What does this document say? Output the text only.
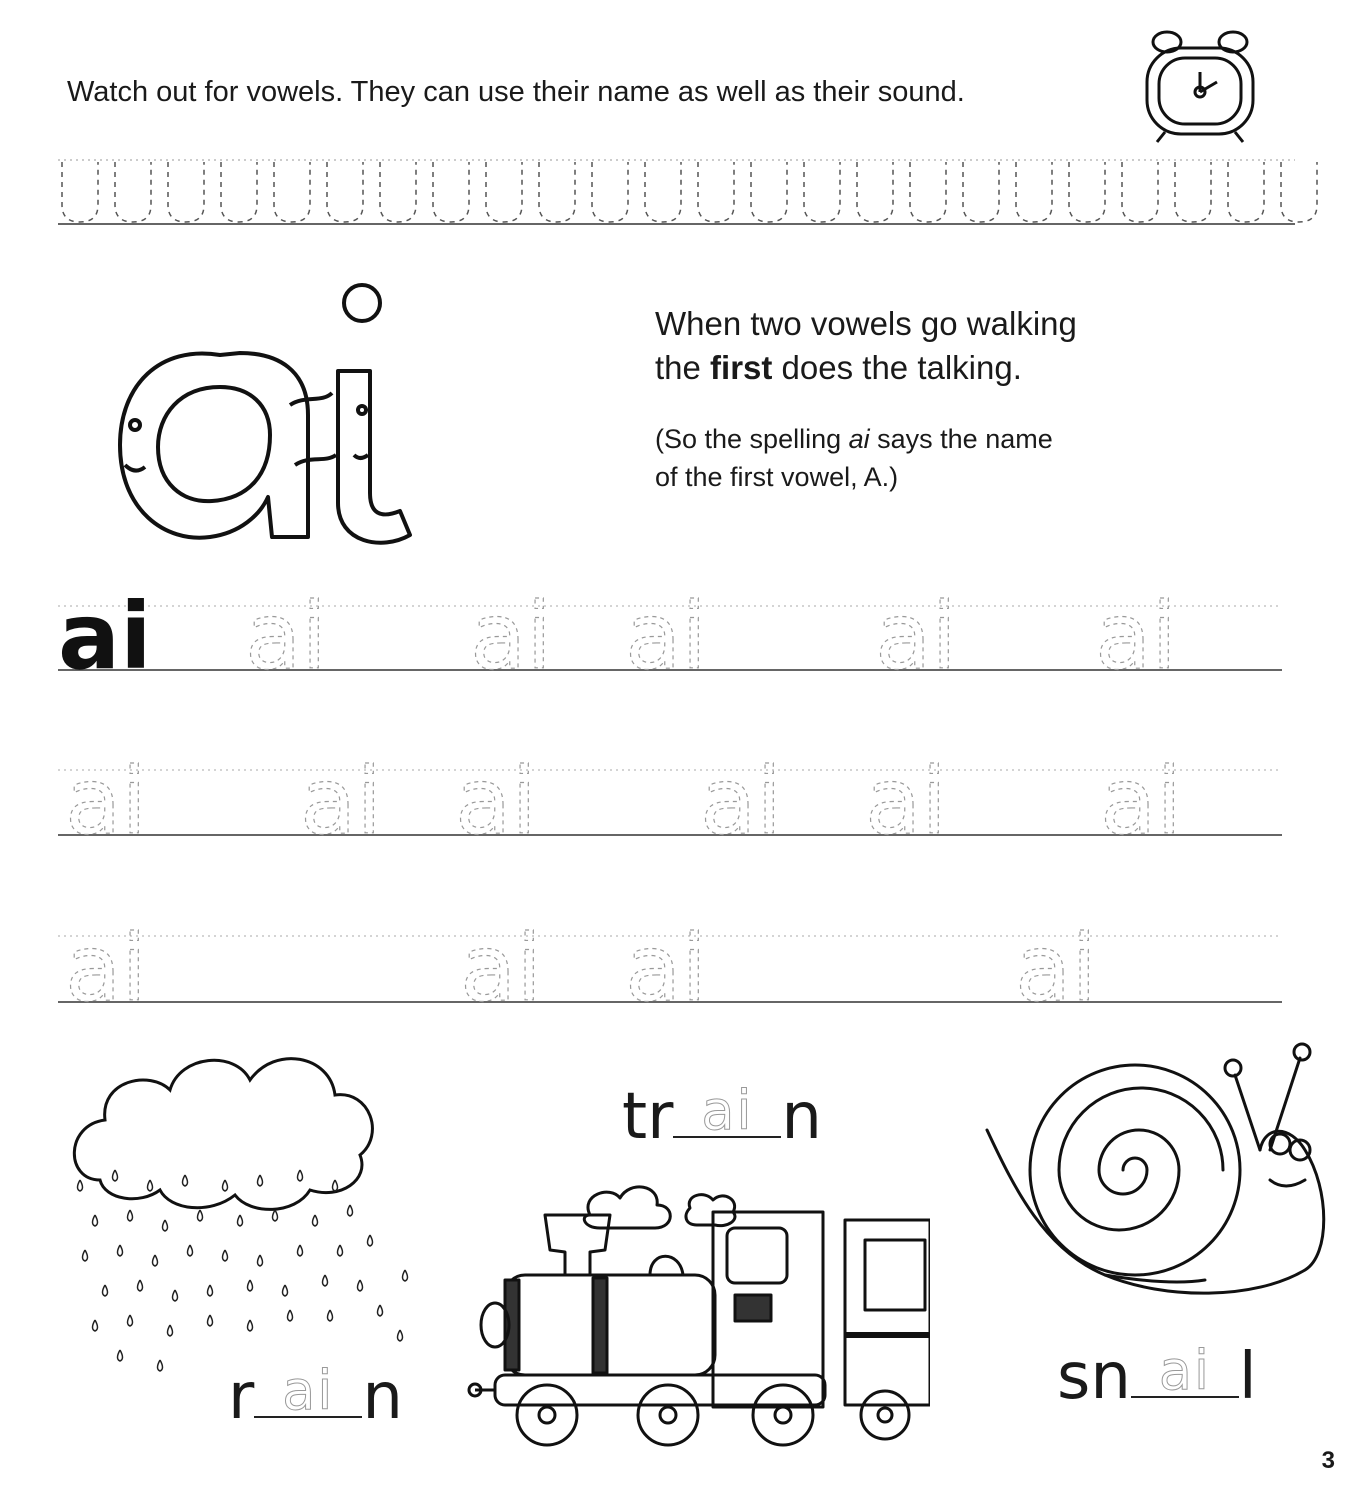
Watch out for vowels. They can use their name as well as their sound.
When two vowels go walking
the first does the talking.
(So the spelling ai says the name
of the first vowel, A.)
ai ai ai ai ai ai
ai ai ai ai ai ai
ai	ai ai	ai
r ai n
tr ai n
sn ai l
3
